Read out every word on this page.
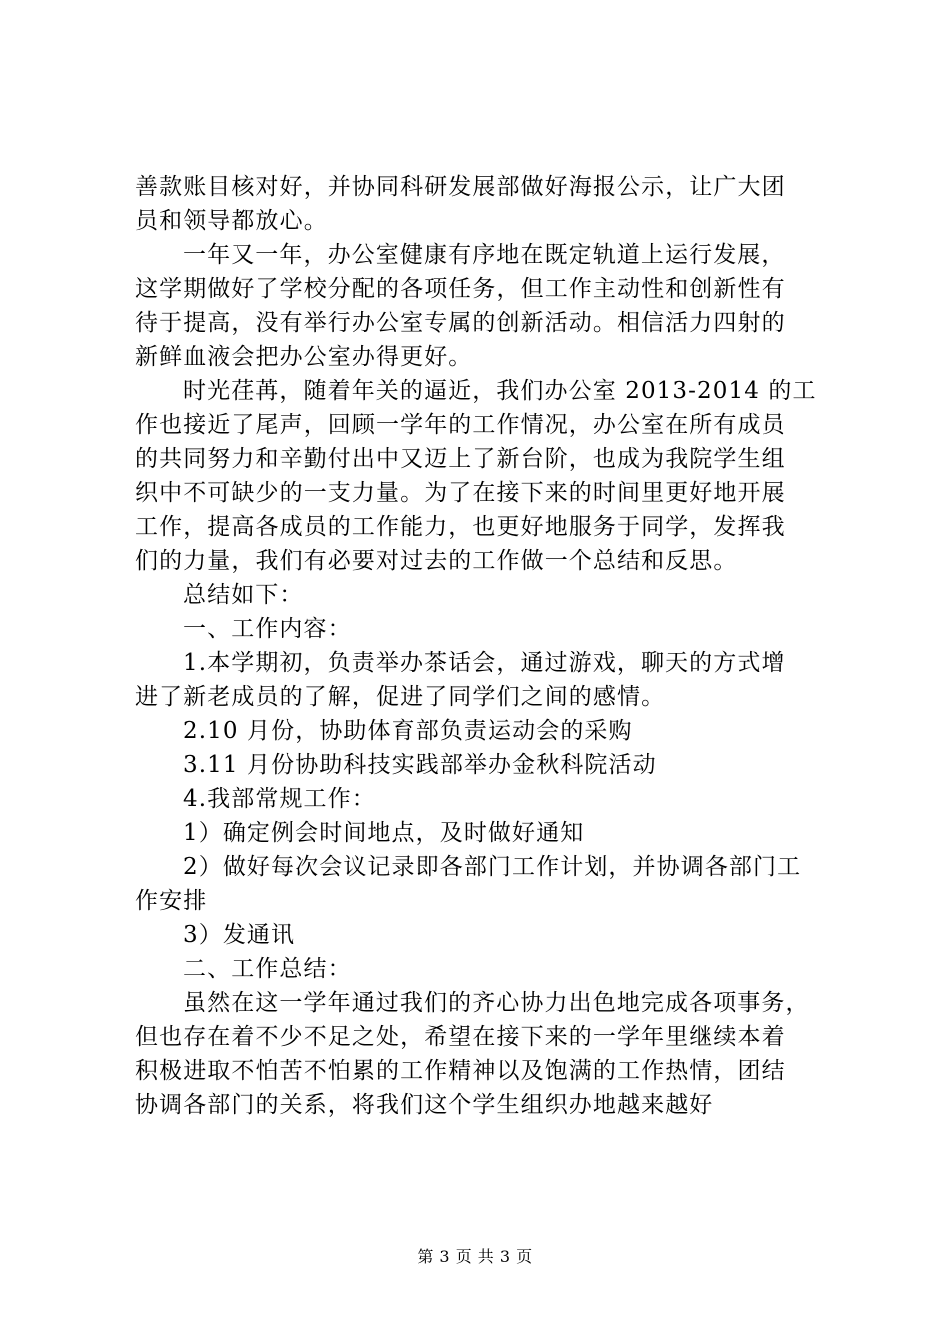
善款账目核对好，并协同科研发展部做好海报公示，让广大团
员和领导都放心。
一年又一年，办公室健康有序地在既定轨道上运行发展，
这学期做好了学校分配的各项任务，但工作主动性和创新性有
待于提高，没有举行办公室专属的创新活动。相信活力四射的
新鲜血液会把办公室办得更好。
时光荏苒，随着年关的逼近，我们办公室 2013-2014 的工
作也接近了尾声，回顾一学年的工作情况，办公室在所有成员
的共同努力和辛勤付出中又迈上了新台阶，也成为我院学生组
织中不可缺少的一支力量。为了在接下来的时间里更好地开展
工作，提高各成员的工作能力，也更好地服务于同学，发挥我
们的力量，我们有必要对过去的工作做一个总结和反思。
总结如下：
一、工作内容：
1.本学期初，负责举办茶话会，通过游戏，聊天的方式增
进了新老成员的了解，促进了同学们之间的感情。
2.10 月份，协助体育部负责运动会的采购
3.11 月份协助科技实践部举办金秋科院活动
4.我部常规工作：
1）确定例会时间地点，及时做好通知
2）做好每次会议记录即各部门工作计划，并协调各部门工
作安排
3）发通讯
二、工作总结：
虽然在这一学年通过我们的齐心协力出色地完成各项事务，
但也存在着不少不足之处，希望在接下来的一学年里继续本着
积极进取不怕苦不怕累的工作精神以及饱满的工作热情，团结
协调各部门的关系，将我们这个学生组织办地越来越好
第 3 页 共 3 页
